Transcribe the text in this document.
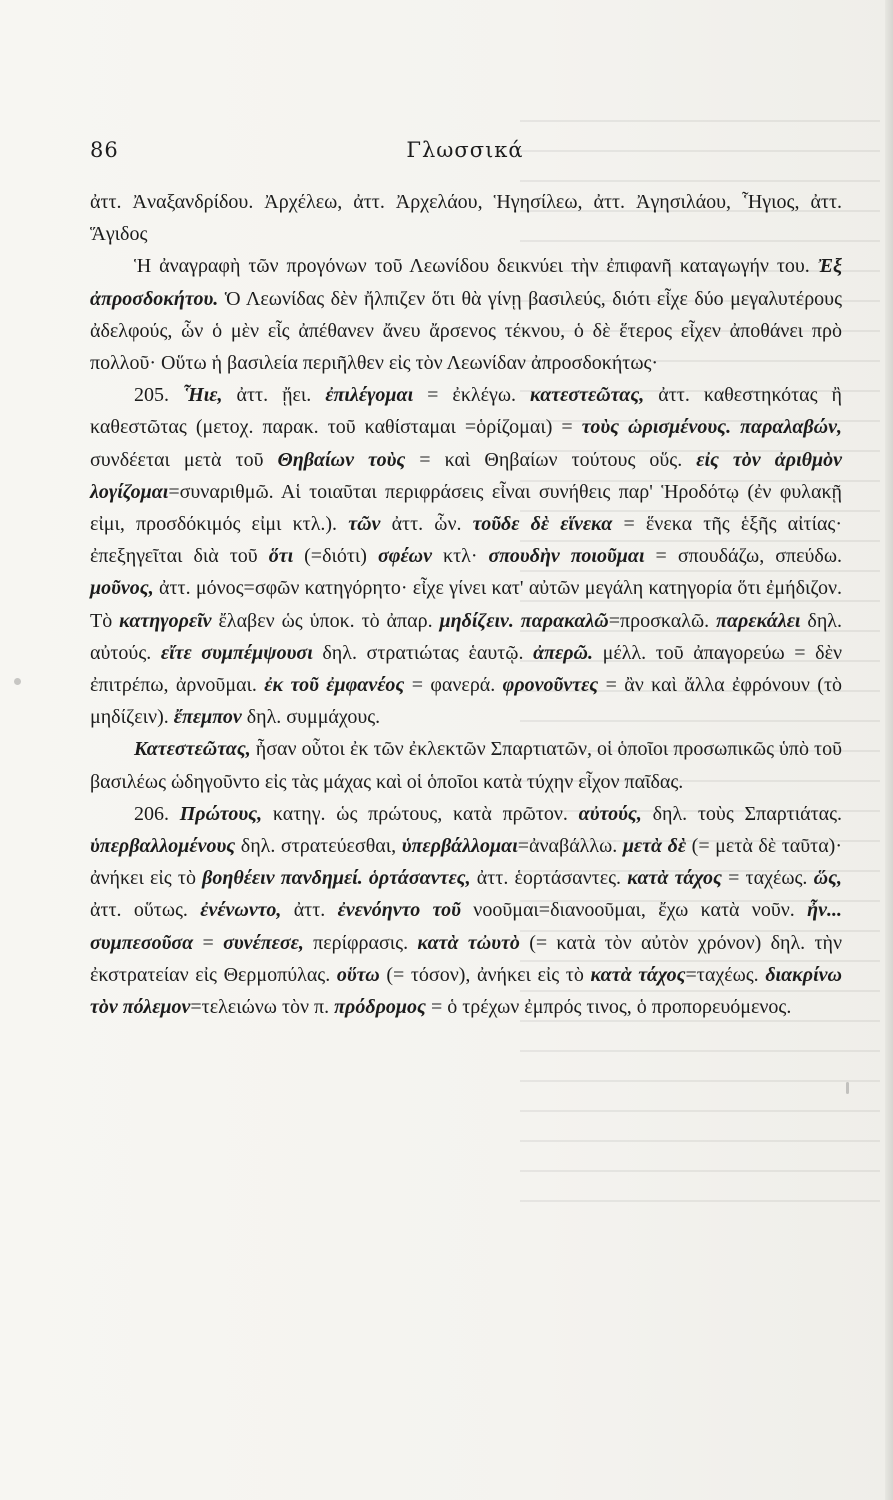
86	Γλωσσικά

ἀττ. Ἀναξανδρίδου. Ἀρχέλεω, ἀττ. Ἀρχελάου, Ἡγησίλεω, ἀττ. Ἀγησιλάου, Ἧγιος, ἀττ. Ἅγιδος

Ἡ ἀναγραφὴ τῶν προγόνων τοῦ Λεωνίδου δεικνύει τὴν ἐπιφανῆ καταγωγήν του. Ἐξ ἀπροσδοκήτου. Ὁ Λεωνίδας δὲν ἤλπιζεν ὅτι θὰ γίνῃ βασιλεύς, διότι εἶχε δύο μεγαλυτέρους ἀδελφούς, ὧν ὁ μὲν εἷς ἀπέθανεν ἄνευ ἄρσενος τέκνου, ὁ δὲ ἕτερος εἶχεν ἀποθάνει πρὸ πολλοῦ· Οὕτω ἡ βασιλεία περιῆλθεν εἰς τὸν Λεωνίδαν ἀπροσδοκήτως·

205. Ἧιε, ἀττ. ᾔει. ἐπιλέγομαι = ἐκλέγω. κατεστεῶτας, ἀττ. καθεστηκότας ἢ καθεστῶτας (μετοχ. παρακ. τοῦ καθίσταμαι =ὁρίζομαι) = τοὺς ὡρισμένους. παραλαβών, συνδέεται μετὰ τοῦ Θηβαίων τοὺς = καὶ Θηβαίων τούτους οὕς. εἰς τὸν ἀριθμὸν λογίζομαι=συναριθμῶ. Αἱ τοιαῦται περιφράσεις εἶναι συνήθεις παρ' Ἡροδότῳ (ἐν φυλακῇ εἰμι, προσδόκιμός εἰμι κτλ.). τῶν ἀττ. ὧν. τοῦδε δὲ εἵνεκα = ἕνεκα τῆς ἑξῆς αἰτίας· ἐπεξηγεῖται διὰ τοῦ ὅτι (=διότι) σφέων κτλ· σπουδὴν ποιοῦμαι = σπουδάζω, σπεύδω. μοῦνος, ἀττ. μόνος=σφῶν κατηγόρητο· εἶχε γίνει κατ' αὐτῶν μεγάλη κατηγορία ὅτι ἐμήδιζον. Τὸ κατηγορεῖν ἔλαβεν ὡς ὑποκ. τὸ ἀπαρ. μηδίζειν. παρακαλῶ=προσκαλῶ. παρεκάλει δηλ. αὐτούς. εἴτε συμπέμψουσι δηλ. στρατιώτας ἑαυτῷ. ἀπερῶ. μέλλ. τοῦ ἀπαγορεύω = δὲν ἐπιτρέπω, ἀρνοῦμαι. ἐκ τοῦ ἐμφανέος = φανερά. φρονοῦντες = ἂν καὶ ἄλλα ἐφρόνουν (τὸ μηδίζειν). ἔπεμπον δηλ. συμμάχους.

Κατεστεῶτας, ἦσαν οὗτοι ἐκ τῶν ἐκλεκτῶν Σπαρτιατῶν, οἱ ὁποῖοι προσωπικῶς ὑπὸ τοῦ βασιλέως ὡδηγοῦντο εἰς τὰς μάχας καὶ οἱ ὁποῖοι κατὰ τύχην εἶχον παῖδας.

206. Πρώτους, κατηγ. ὡς πρώτους, κατὰ πρῶτον. αὐτούς, δηλ. τοὺς Σπαρτιάτας. ὑπερβαλλομένους δηλ. στρατεύεσθαι, ὑπερβάλλομαι=ἀναβάλλω. μετὰ δὲ (= μετὰ δὲ ταῦτα)· ἀνήκει εἰς τὸ βοηθέειν πανδημεί. ὁρτάσαντες, ἀττ. ἑορτάσαντες. κατὰ τάχος = ταχέως. ὥς, ἀττ. οὕτως. ἐνένωντο, ἀττ. ἐνενόηντο τοῦ νοοῦμαι=διανοοῦμαι, ἔχω κατὰ νοῦν. ἦν... συμπεσοῦσα = συνέπεσε, περίφρασις. κατὰ τὠυτὸ (= κατὰ τὸν αὐτὸν χρόνον) δηλ. τὴν ἐκστρατείαν εἰς Θερμοπύλας. οὕτω (= τόσον), ἀνήκει εἰς τὸ κατὰ τάχος=ταχέως. διακρίνω τὸν πόλεμον=τελειώνω τὸν π. πρόδρομος = ὁ τρέχων ἐμπρός τινος, ὁ προπορευόμενος.
